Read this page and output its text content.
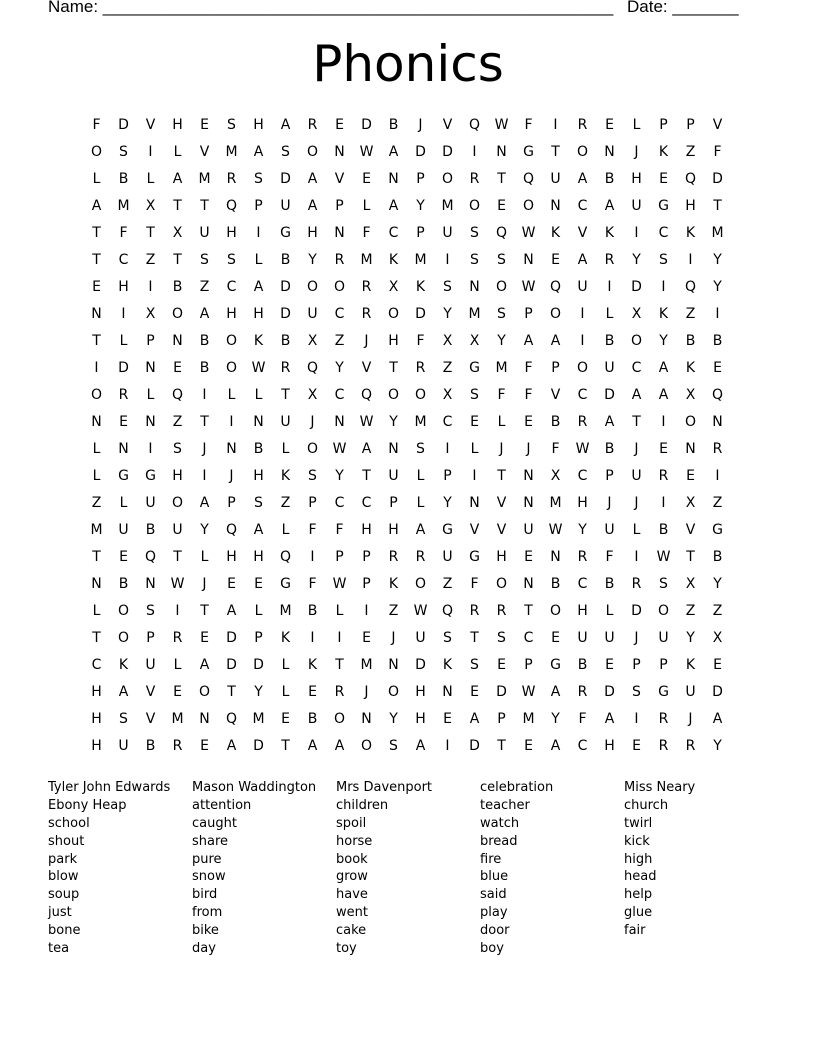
Name: ______________________________________________________ Date: _______
Phonics
F	D	V	H	E	S	H	A	R	E	D	B	J	V	Q	W	F	I	R	E	L	P	P	V
O	S	I	L	V	M	A	S	O	N	W	A	D	D	I	N	G	T	O	N	J	K	Z	F
L	B	L	A	M	R	S	D	A	V	E	N	P	O	R	T	Q	U	A	B	H	E	Q	D
A	M	X	T	T	Q	P	U	A	P	L	A	Y	M	O	E	O	N	C	A	U	G	H	T
T	F	T	X	U	H	I	G	H	N	F	C	P	U	S	Q	W	K	V	K	I	C	K	M
T	C	Z	T	S	S	L	B	Y	R	M	K	M	I	S	S	N	E	A	R	Y	S	I	Y
E	H	I	B	Z	C	A	D	O	O	R	X	K	S	N	O	W	Q	U	I	D	I	Q	Y
N	I	X	O	A	H	H	D	U	C	R	O	D	Y	M	S	P	O	I	L	X	K	Z	I
T	L	P	N	B	O	K	B	X	Z	J	H	F	X	X	Y	A	A	I	B	O	Y	B	B
I	D	N	E	B	O	W	R	Q	Y	V	T	R	Z	G	M	F	P	O	U	C	A	K	E
O	R	L	Q	I	L	L	T	X	C	Q	O	O	X	S	F	F	V	C	D	A	A	X	Q
N	E	N	Z	T	I	N	U	J	N	W	Y	M	C	E	L	E	B	R	A	T	I	O	N
L	N	I	S	J	N	B	L	O	W	A	N	S	I	L	J	J	F	W	B	J	E	N	R
L	G	G	H	I	J	H	K	S	Y	T	U	L	P	I	T	N	X	C	P	U	R	E	I
Z	L	U	O	A	P	S	Z	P	C	C	P	L	Y	N	V	N	M	H	J	J	I	X	Z
M	U	B	U	Y	Q	A	L	F	F	H	H	A	G	V	V	U	W	Y	U	L	B	V	G
T	E	Q	T	L	H	H	Q	I	P	P	R	R	U	G	H	E	N	R	F	I	W	T	B
N	B	N	W	J	E	E	G	F	W	P	K	O	Z	F	O	N	B	C	B	R	S	X	Y
L	O	S	I	T	A	L	M	B	L	I	Z	W	Q	R	R	T	O	H	L	D	O	Z	Z
T	O	P	R	E	D	P	K	I	I	E	J	U	S	T	S	C	E	U	U	J	U	Y	X
C	K	U	L	A	D	D	L	K	T	M	N	D	K	S	E	P	G	B	E	P	P	K	E
H	A	V	E	O	T	Y	L	E	R	J	O	H	N	E	D	W	A	R	D	S	G	U	D
H	S	V	M	N	Q	M	E	B	O	N	Y	H	E	A	P	M	Y	F	A	I	R	J	A
H	U	B	R	E	A	D	T	A	A	O	S	A	I	D	T	E	A	C	H	E	R	R	Y
Tyler John Edwards
Ebony Heap
school
shout
park
blow
soup
just
bone
tea
Mason Waddington
attention
caught
share
pure
snow
bird
from
bike
day
Mrs Davenport
children
spoil
horse
book
grow
have
went
cake
toy
celebration
teacher
watch
bread
fire
blue
said
play
door
boy
Miss Neary
church
twirl
kick
high
head
help
glue
fair
